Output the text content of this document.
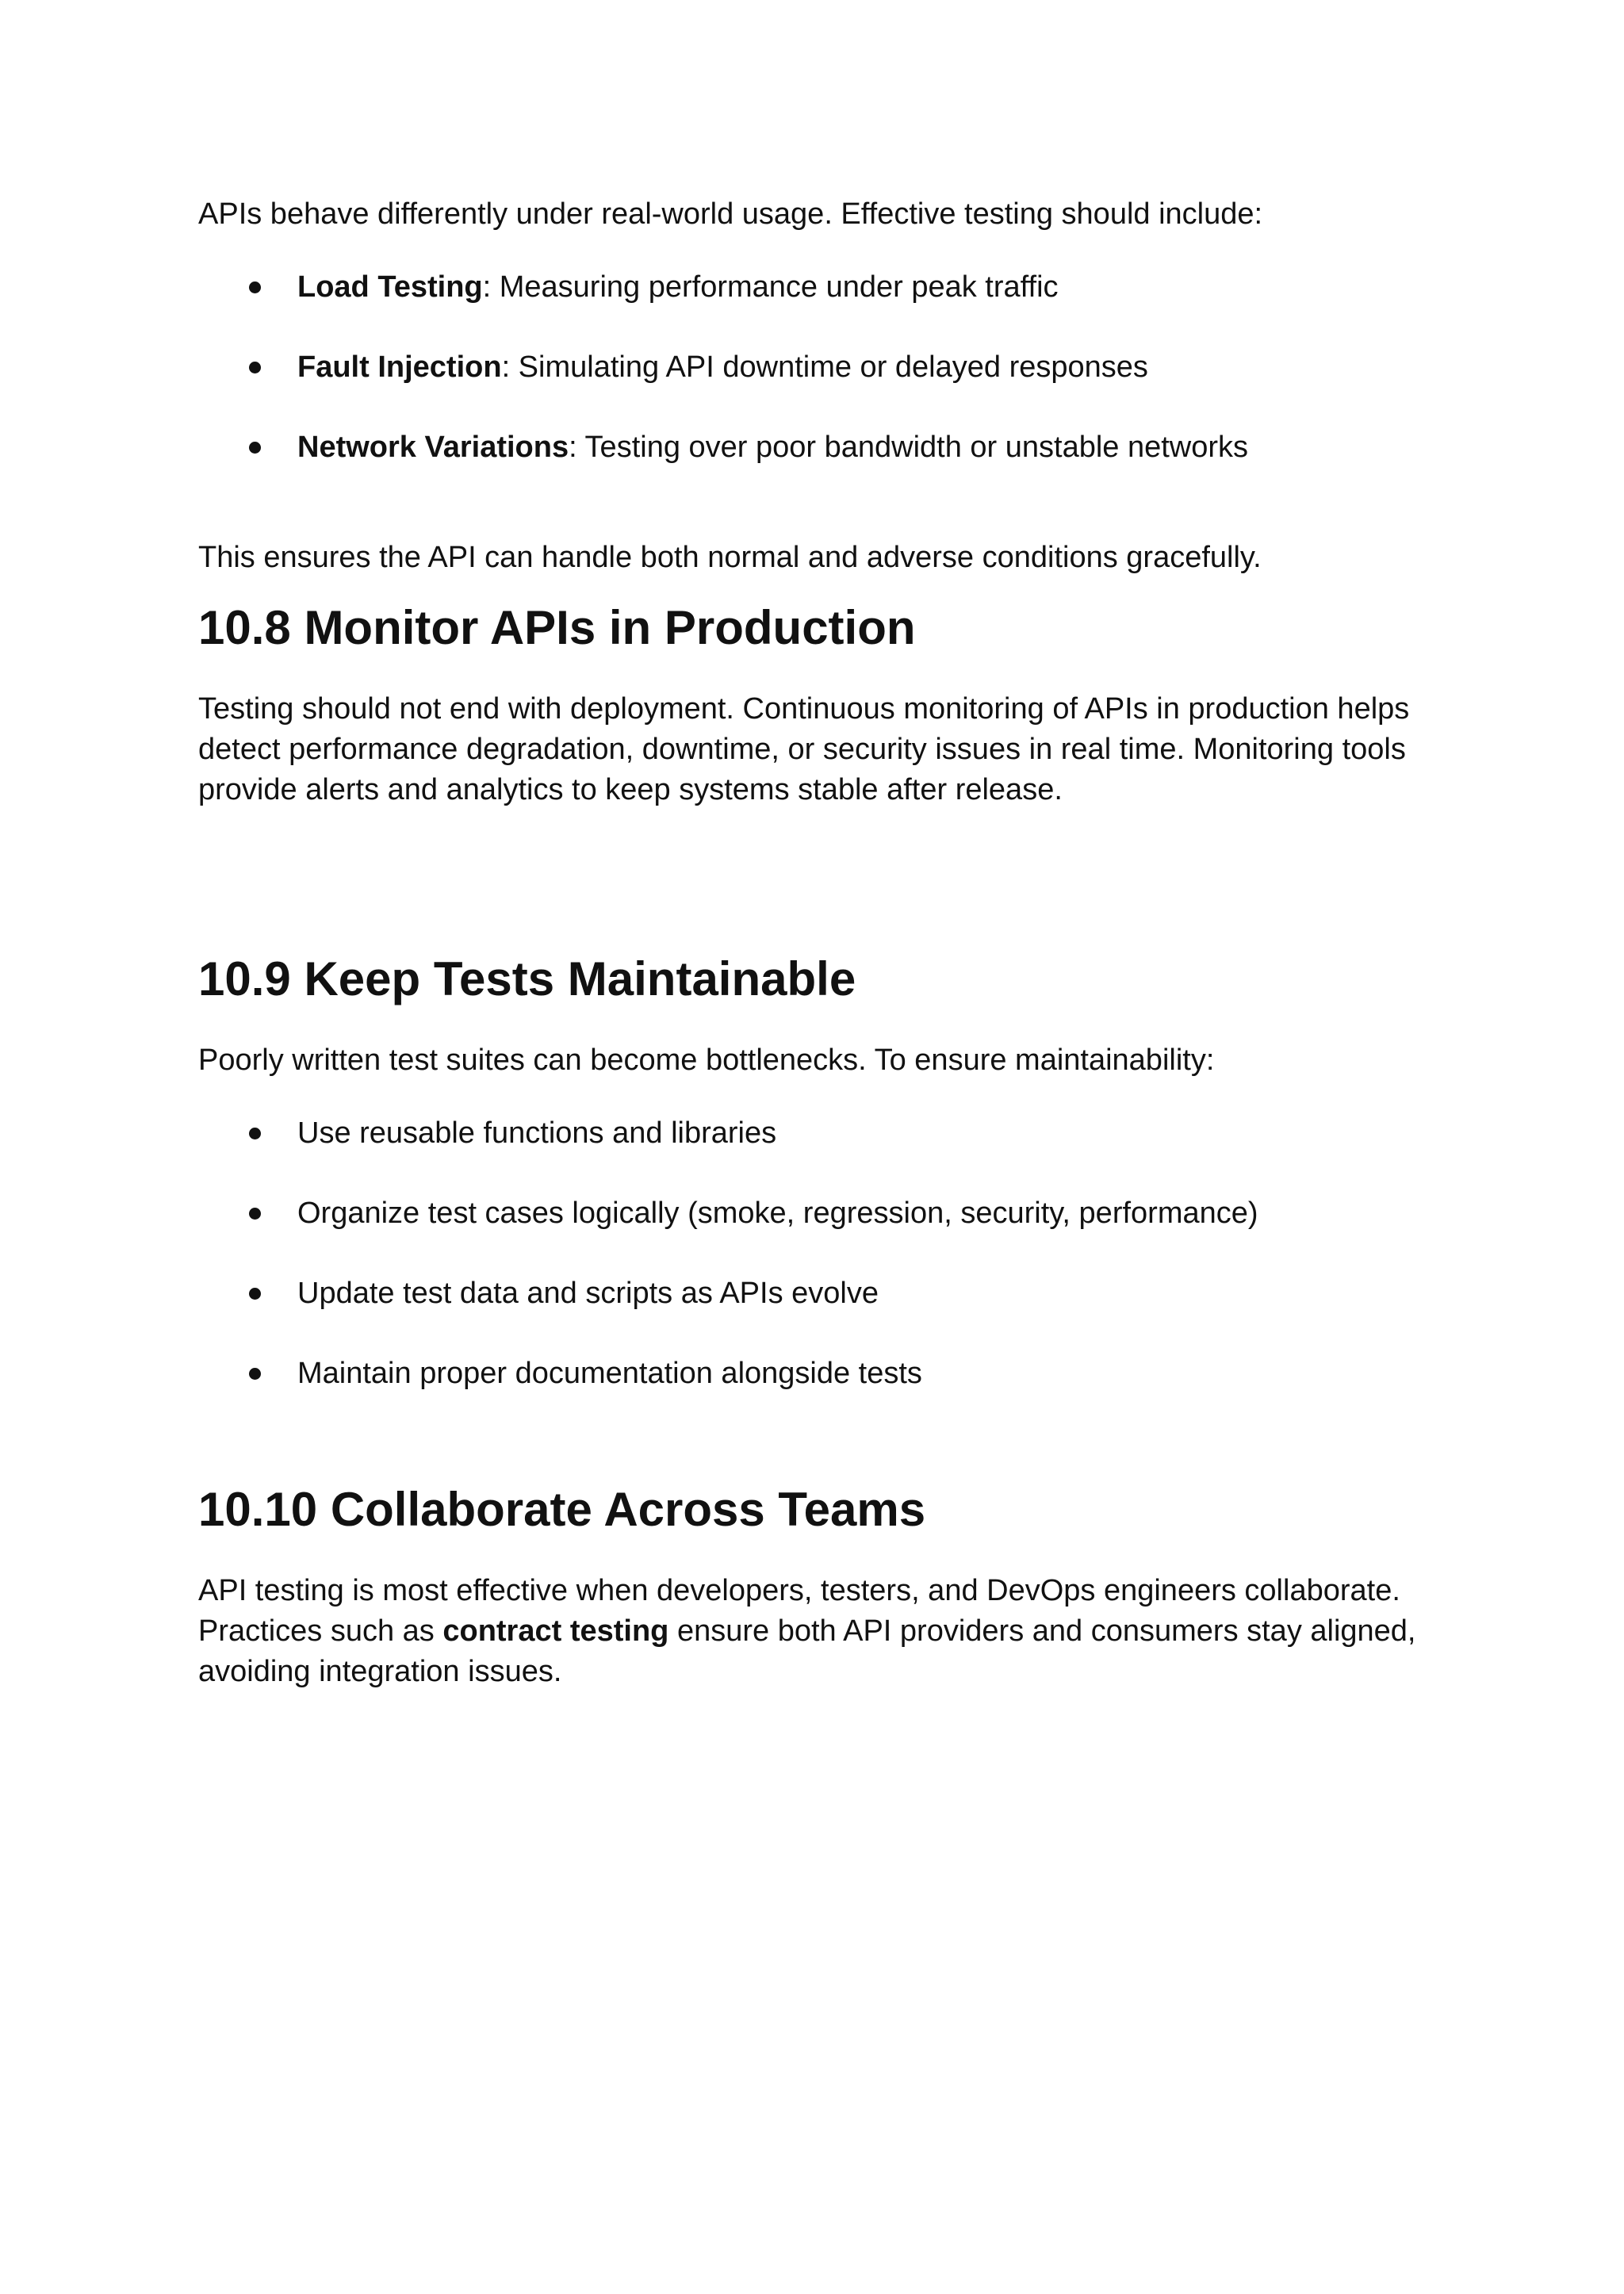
APIs behave differently under real-world usage. Effective testing should include:

Load Testing: Measuring performance under peak traffic
Fault Injection: Simulating API downtime or delayed responses
Network Variations: Testing over poor bandwidth or unstable networks

This ensures the API can handle both normal and adverse conditions gracefully.

10.8 Monitor APIs in Production

Testing should not end with deployment. Continuous monitoring of APIs in production helps
detect performance degradation, downtime, or security issues in real time. Monitoring tools
provide alerts and analytics to keep systems stable after release.

10.9 Keep Tests Maintainable

Poorly written test suites can become bottlenecks. To ensure maintainability:

Use reusable functions and libraries
Organize test cases logically (smoke, regression, security, performance)
Update test data and scripts as APIs evolve
Maintain proper documentation alongside tests
10.10 Collaborate Across Teams

API testing is most effective when developers, testers, and DevOps engineers collaborate.
Practices such as contract testing ensure both API providers and consumers stay aligned,
avoiding integration issues.
